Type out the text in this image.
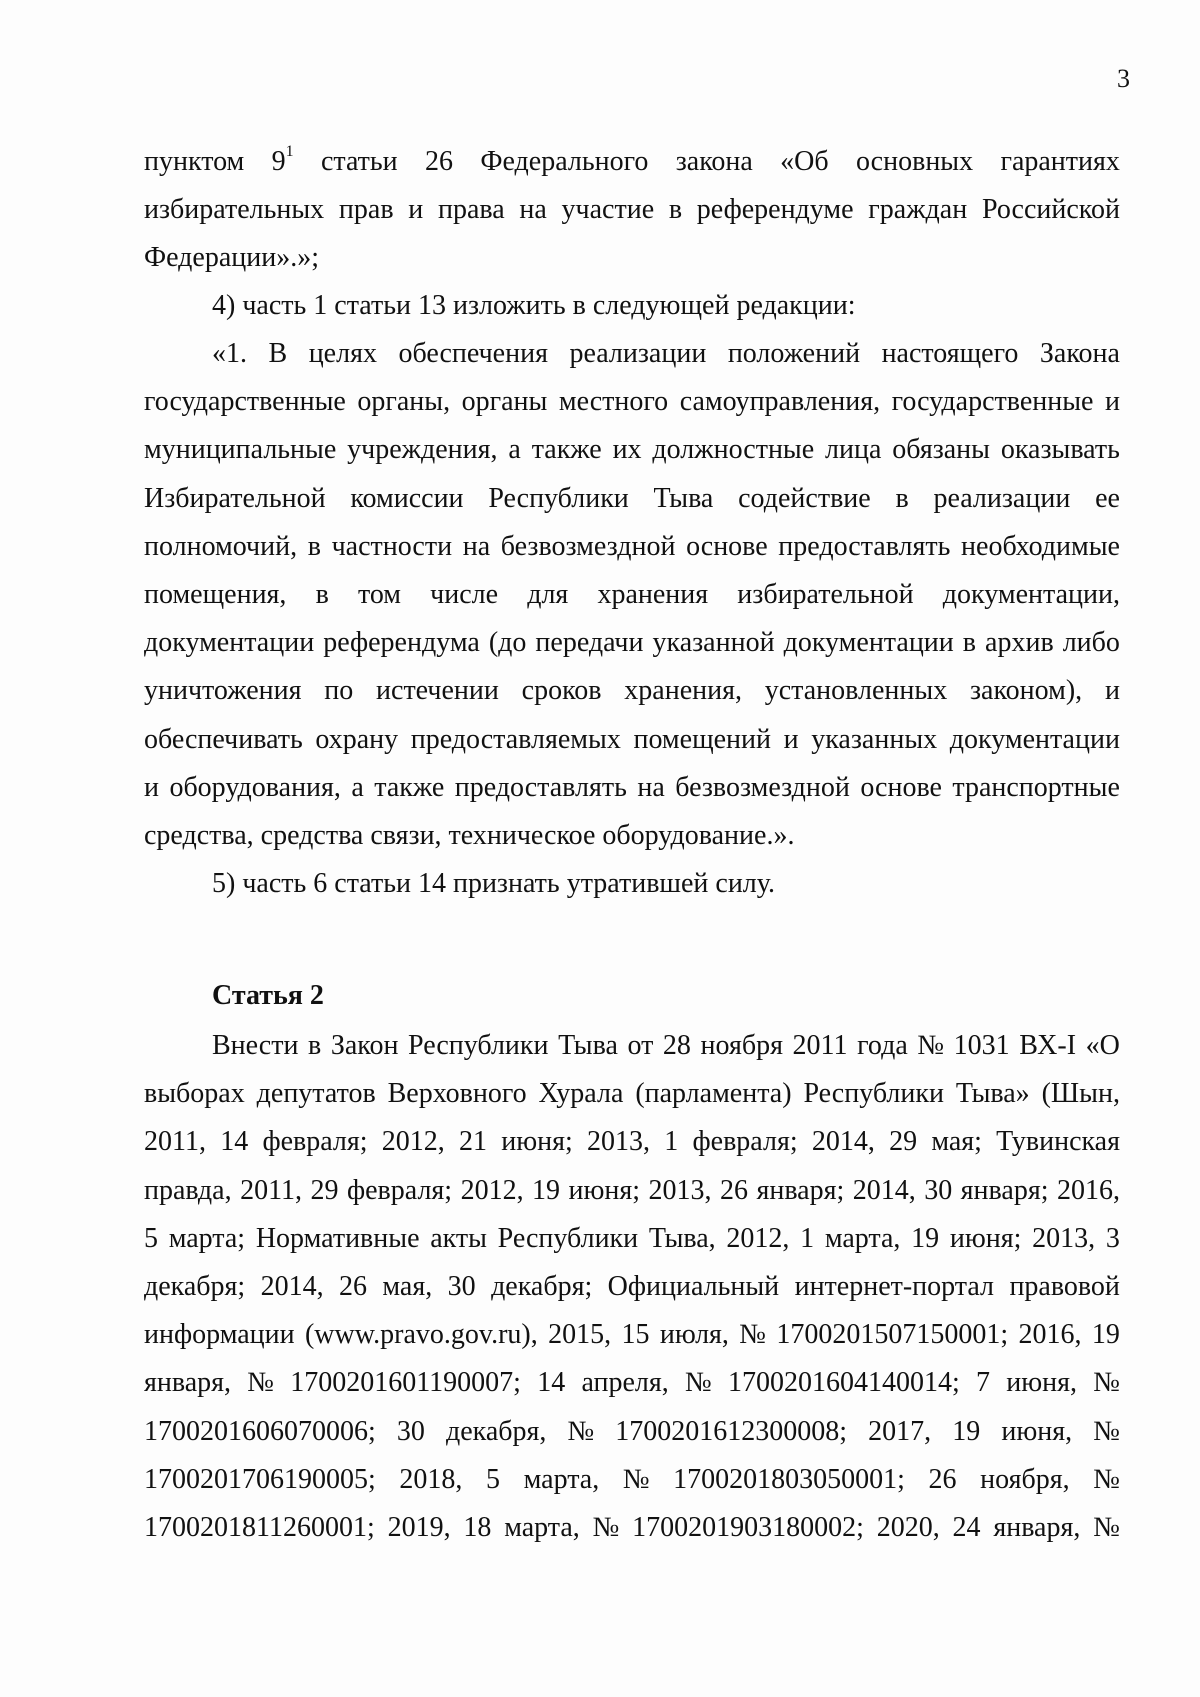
3
пунктом $9^1$ статьи 26 Федерального закона «Об основных гарантиях
избирательных прав и права на участие в референдуме граждан Российской
Федерации».»;
4) часть 1 статьи 13 изложить в следующей редакции:
«1. В целях обеспечения реализации положений настоящего Закона
государственные органы, органы местного самоуправления, государственные и
муниципальные учреждения, а также их должностные лица обязаны оказывать
Избирательной комиссии Республики Тыва содействие в реализации ее
полномочий, в частности на безвозмездной основе предоставлять необходимые
помещения, в том числе для хранения избирательной документации,
документации референдума (до передачи указанной документации в архив либо
уничтожения по истечении сроков хранения, установленных законом), и
обеспечивать охрану предоставляемых помещений и указанных документации
и оборудования, а также предоставлять на безвозмездной основе транспортные
средства, средства связи, техническое оборудование.».
5) часть 6 статьи 14 признать утратившей силу.
Статья 2
Внести в Закон Республики Тыва от 28 ноября 2011 года № 1031 ВХ-I «О
выборах депутатов Верховного Хурала (парламента) Республики Тыва» (Шын,
2011, 14 февраля; 2012, 21 июня; 2013, 1 февраля; 2014, 29 мая; Тувинская
правда, 2011, 29 февраля; 2012, 19 июня; 2013, 26 января; 2014, 30 января; 2016,
5 марта; Нормативные акты Республики Тыва, 2012, 1 марта, 19 июня; 2013, 3
декабря; 2014, 26 мая, 30 декабря; Официальный интернет-портал правовой
информации (www.pravo.gov.ru), 2015, 15 июля, № 1700201507150001; 2016, 19
января, № 1700201601190007; 14 апреля, № 1700201604140014; 7 июня, №
1700201606070006; 30 декабря, № 1700201612300008; 2017, 19 июня, №
1700201706190005; 2018, 5 марта, № 1700201803050001; 26 ноября, №
1700201811260001; 2019, 18 марта, № 1700201903180002; 2020, 24 января, №
